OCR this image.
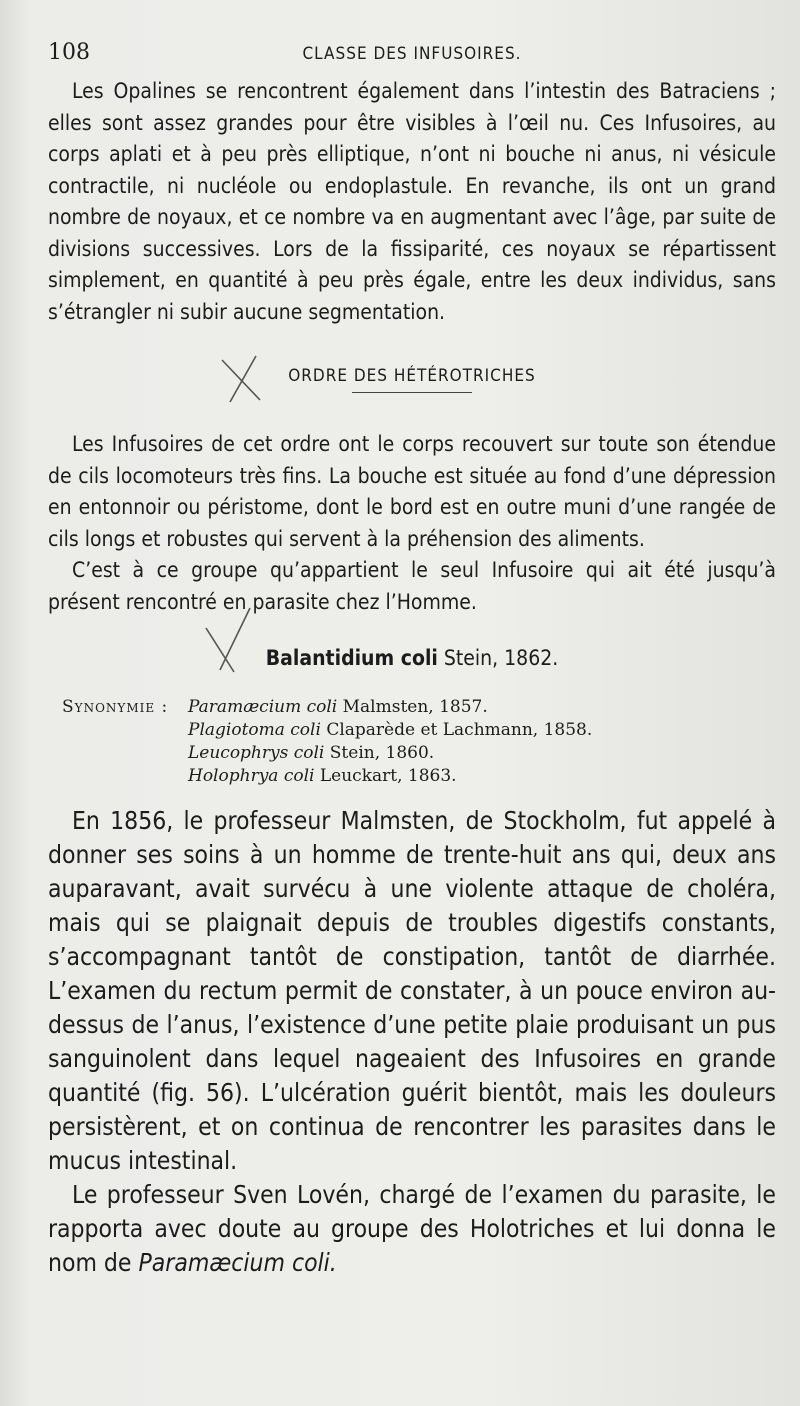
108	CLASSE DES INFUSOIRES.

Les Opalines se rencontrent également dans l’intestin des Batraciens ; elles sont assez grandes pour être visibles à l’œil nu. Ces Infusoires, au corps aplati et à peu près elliptique, n’ont ni bouche ni anus, ni vésicule contractile, ni nucléole ou endoplastule. En revanche, ils ont un grand nombre de noyaux, et ce nombre va en augmentant avec l’âge, par suite de divisions successives. Lors de la fissiparité, ces noyaux se répartissent simplement, en quantité à peu près égale, entre les deux individus, sans s’étrangler ni subir aucune segmentation.

ORDRE DES HÉTÉROTRICHES

Les Infusoires de cet ordre ont le corps recouvert sur toute son étendue de cils locomoteurs très fins. La bouche est située au fond d’une dépression en entonnoir ou péristome, dont le bord est en outre muni d’une rangée de cils longs et robustes qui servent à la préhension des aliments.

C’est à ce groupe qu’appartient le seul Infusoire qui ait été jusqu’à présent rencontré en parasite chez l’Homme.

Balantidium coli Stein, 1862.
Synonymie : Paramæcium coli Malmsten, 1857.
Plagiotoma coli Claparède et Lachmann, 1858.
Leucophrys coli Stein, 1860.
Holophrya coli Leuckart, 1863.

En 1856, le professeur Malmsten, de Stockholm, fut appelé à donner ses soins à un homme de trente-huit ans qui, deux ans auparavant, avait survécu à une violente attaque de choléra, mais qui se plaignait depuis de troubles digestifs constants, s’accompagnant tantôt de constipation, tantôt de diarrhée. L’examen du rectum permit de constater, à un pouce environ au-dessus de l’anus, l’existence d’une petite plaie produisant un pus sanguinolent dans lequel nageaient des Infusoires en grande quantité (fig. 56). L’ulcération guérit bientôt, mais les douleurs persistèrent, et on continua de rencontrer les parasites dans le mucus intestinal.

Le professeur Sven Lovén, chargé de l’examen du parasite, le rapporta avec doute au groupe des Holotriches et lui donna le nom de Paramæcium coli.
